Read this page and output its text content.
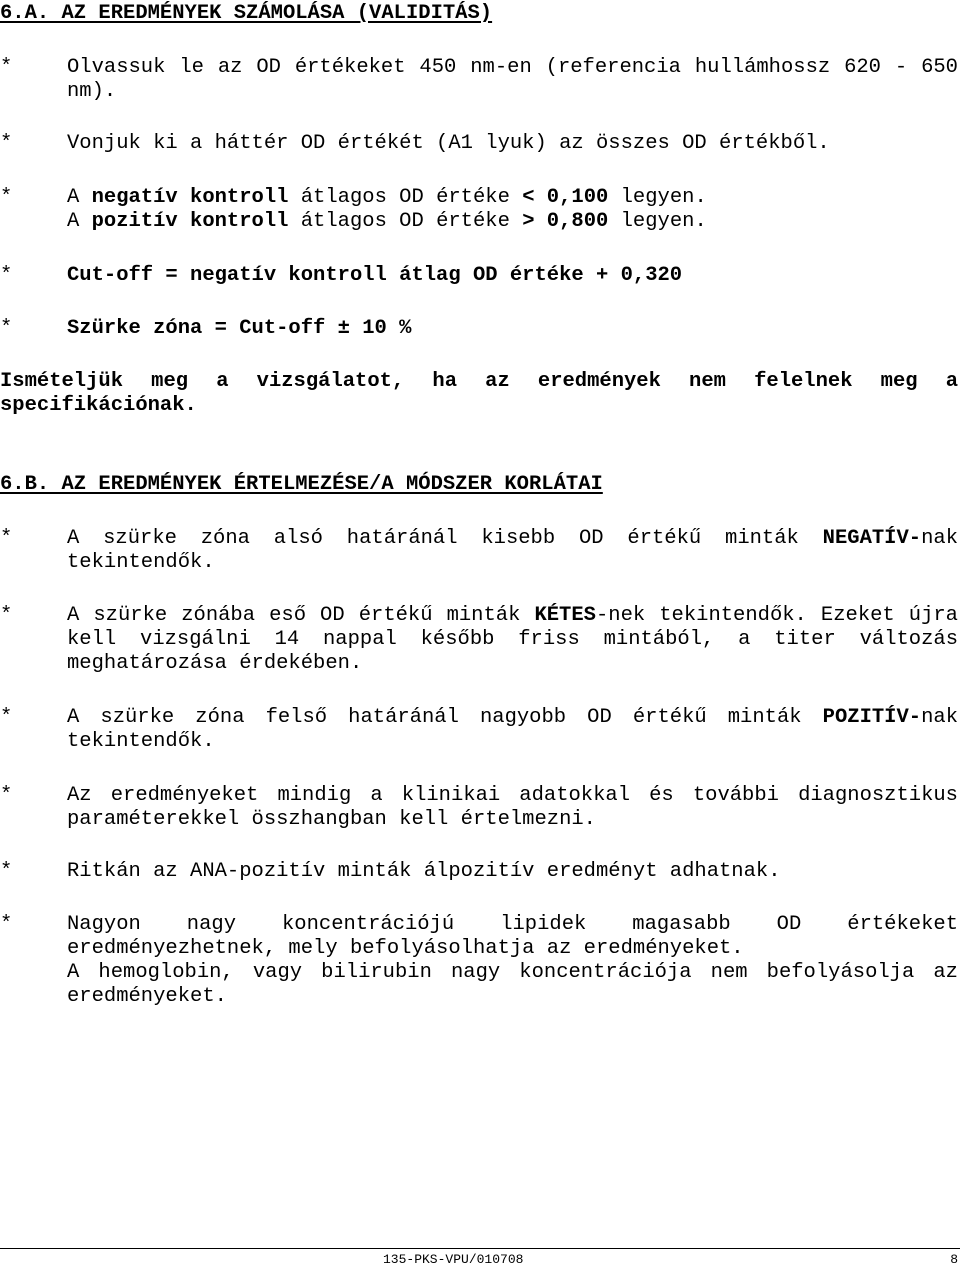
6.A. AZ EREDMÉNYEK SZÁMOLÁSA (VALIDITÁS)
*	Olvassuk le az OD értékeket 450 nm-en (referencia hullámhossz 620 - 650 nm).
*	Vonjuk ki a háttér OD értékét (A1 lyuk) az összes OD értékből.
*	A negatív kontroll átlagos OD értéke < 0,100 legyen.
A pozitív kontroll átlagos OD értéke > 0,800 legyen.
*	Cut-off = negatív kontroll átlag OD értéke + 0,320
*	Szürke zóna = Cut-off ± 10 %
Ismételjük meg a vizsgálatot, ha az eredmények nem felelnek meg a specifikációnak.
6.B. AZ EREDMÉNYEK ÉRTELMEZÉSE/A MÓDSZER KORLÁTAI
*	A szürke zóna alsó határánál kisebb OD értékű minták NEGATÍV-nak tekintendők.
*	A szürke zónába eső OD értékű minták KÉTES-nek tekintendők. Ezeket újra kell vizsgálni 14 nappal később friss mintából, a titer változás meghatározása érdekében.
*	A szürke zóna felső határánál nagyobb OD értékű minták POZITÍV-nak tekintendők.
*	Az eredményeket mindig a klinikai adatokkal és további diagnosztikus paraméterekkel összhangban kell értelmezni.
*	Ritkán az ANA-pozitív minták álpozitív eredményt adhatnak.
*	Nagyon nagy koncentrációjú lipidek magasabb OD értékeket eredményezhetnek, mely befolyásolhatja az eredményeket.
A hemoglobin, vagy bilirubin nagy koncentrációja nem befolyásolja az eredményeket.
135-PKS-VPU/010708	8
